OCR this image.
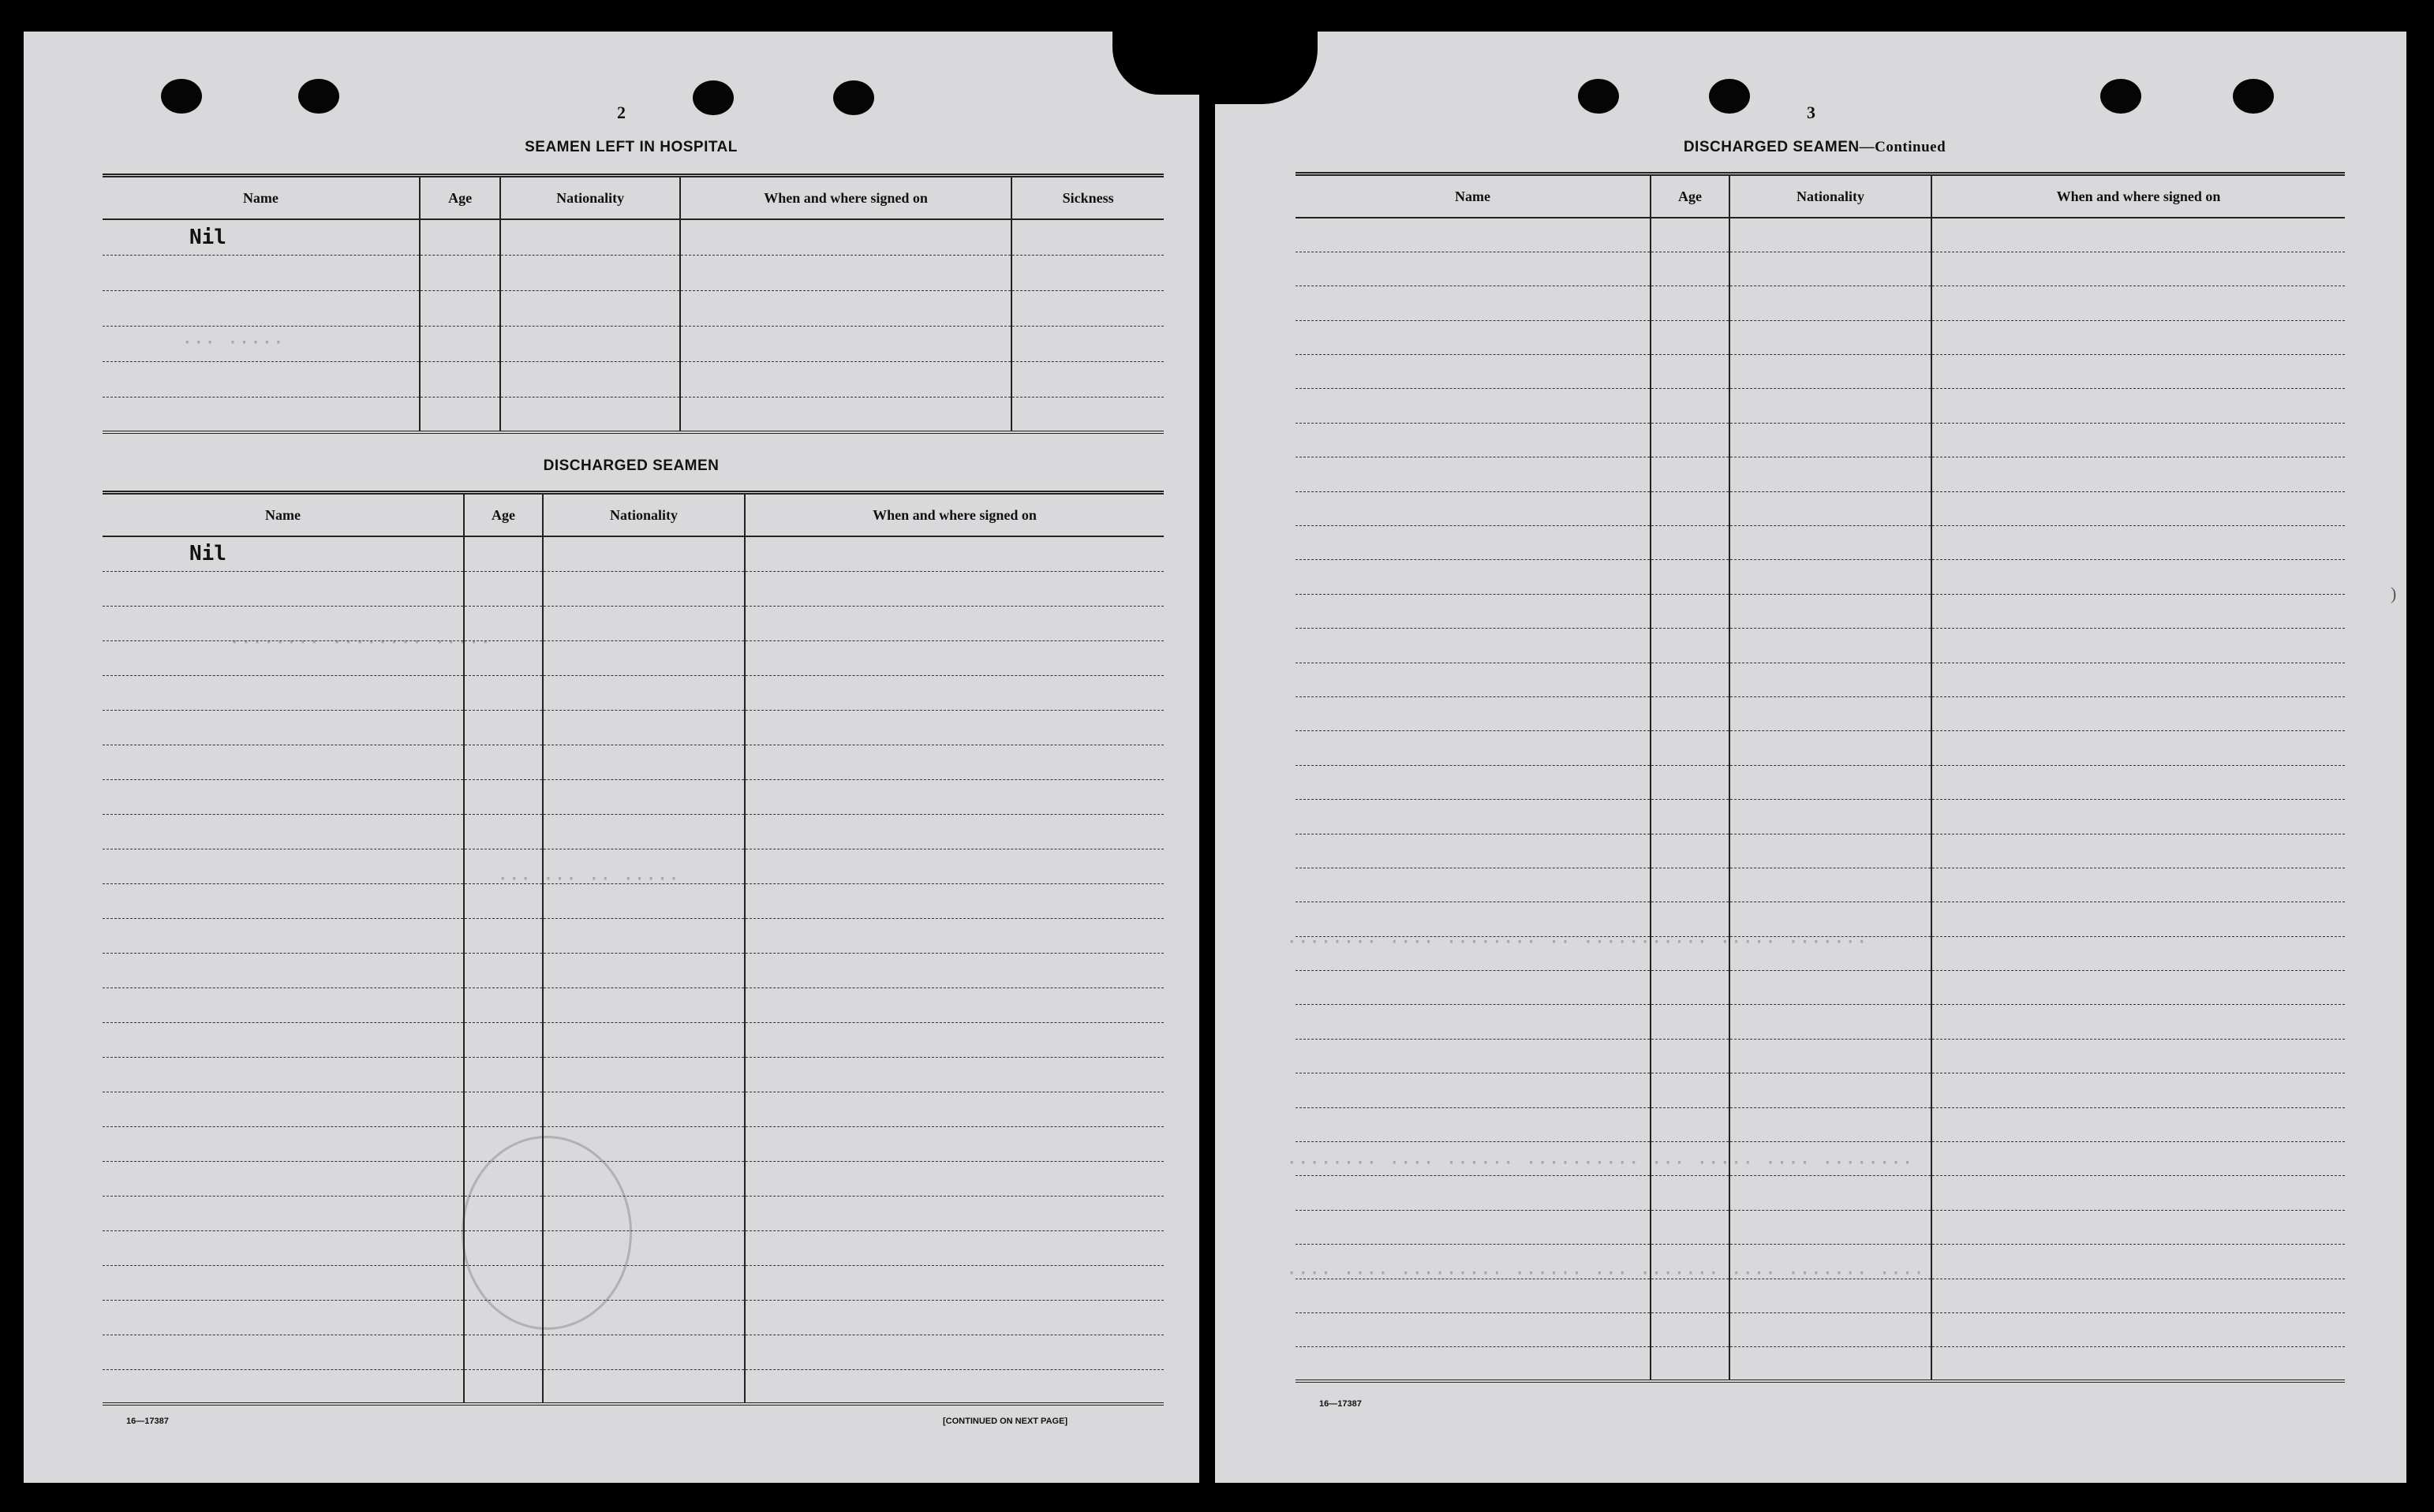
··· ·····
········ ········ ·····
··· ··· ·· ·····
2
SEAMEN LEFT IN HOSPITAL
Name	Age	Nationality	When and where signed on	Sickness
Nil				

DISCHARGED SEAMEN
Name	Age	Nationality	When and where signed on
Nil			

16—17387	[CONTINUED ON NEXT PAGE]
········ ···· ········ ·· ··········· ····· ·······
········ ···· ······ ·········· ··· ····· ···· ········
···· ···· ········· ······ ··· ······· ···· ······· ····
)
3
DISCHARGED SEAMEN—Continued
Name	Age	Nationality	When and where signed on

16—17387
